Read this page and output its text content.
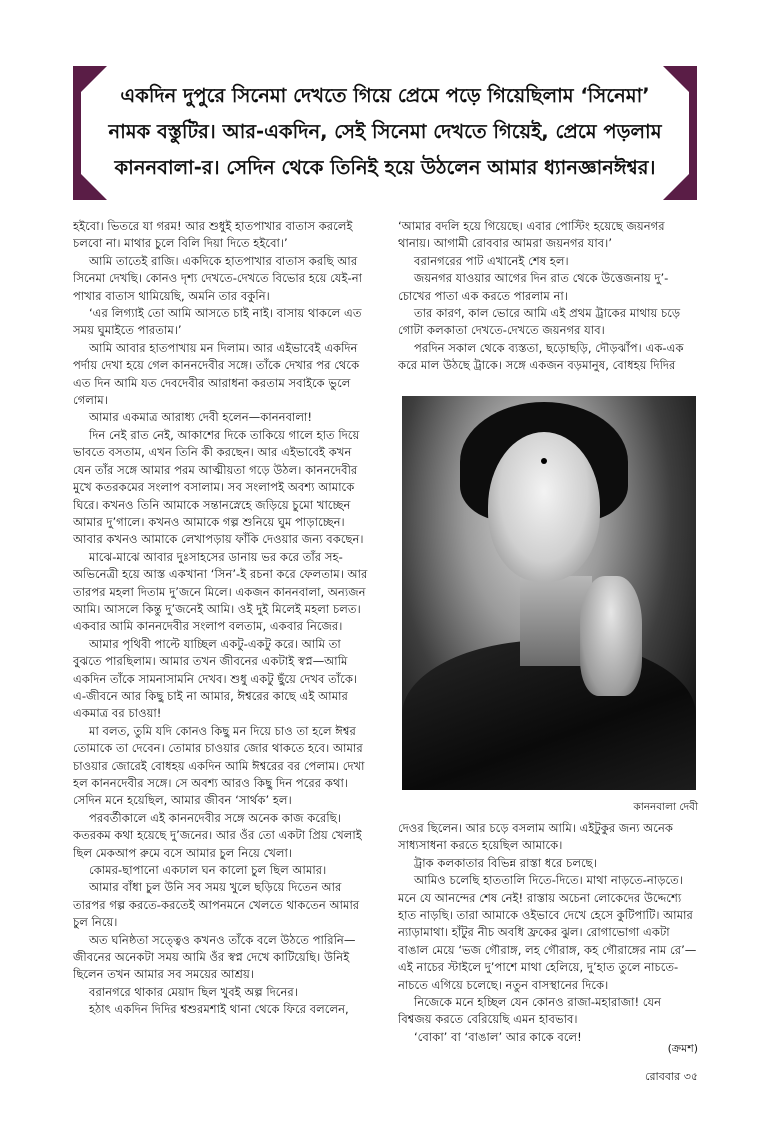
একদিন দুপুরে সিনেমা দেখতে গিয়ে প্রেমে পড়ে গিয়েছিলাম ‘সিনেমা’
নামক বস্তুটির। আর-একদিন, সেই সিনেমা দেখতে গিয়েই, প্রেমে পড়লাম
কাননবালা-র। সেদিন থেকে তিনিই হয়ে উঠলেন আমার ধ্যানজ্ঞানঈশ্বর।

হইবো। ভিতরে যা গরম! আর শুধুই হাতপাখার বাতাস করলেই চলবো না। মাথার চুলে বিলি দিয়া দিতে হইবো।’

আমি তাতেই রাজি। একদিকে হাতপাখার বাতাস করছি আর সিনেমা দেখছি। কোনও দৃশ্য দেখতে-দেখতে বিভোর হয়ে যেই-না পাখার বাতাস থামিয়েছি, অমনি তার বকুনি।

‘এর লিগ্যাই তো আমি আসতে চাই নাই। বাসায় থাকলে এত সময় ঘুমাইতে পারতাম।’

আমি আবার হাতপাখায় মন দিলাম। আর এইভাবেই একদিন পর্দায় দেখা হয়ে গেল কাননদেবীর সঙ্গে। তাঁকে দেখার পর থেকে এত দিন আমি যত দেবদেবীর আরাধনা করতাম সবাইকে ভুলে গেলাম।

আমার একমাত্র আরাধ্য দেবী হলেন—কাননবালা!

দিন নেই রাত নেই, আকাশের দিকে তাকিয়ে গালে হাত দিয়ে ভাবতে বসতাম, এখন তিনি কী করছেন। আর এইভাবেই কখন যেন তাঁর সঙ্গে আমার পরম আত্মীয়তা গড়ে উঠল। কাননদেবীর মুখে কতরকমের সংলাপ বসালাম। সব সংলাপই অবশ্য আমাকে ঘিরে। কখনও তিনি আমাকে সন্তানস্নেহে জড়িয়ে চুমো খাচ্ছেন আমার দু’গালে। কখনও আমাকে গল্প শুনিয়ে ঘুম পাড়াচ্ছেন। আবার কখনও আমাকে লেখাপড়ায় ফাঁকি দেওয়ার জন্য বকছেন।

মাঝে-মাঝে আবার দুঃসাহসের ডানায় ভর করে তাঁর সহ-অভিনেত্রী হয়ে আস্ত একখানা ‘সিন’-ই রচনা করে ফেলতাম। আর তারপর মহলা দিতাম দু’জনে মিলে। একজন কাননবালা, অন্যজন আমি। আসলে কিন্তু দু’জনেই আমি। ওই দুই মিলেই মহলা চলত। একবার আমি কাননদেবীর সংলাপ বলতাম, একবার নিজের।

আমার পৃথিবী পাল্টে যাচ্ছিল একটু-একটু করে। আমি তা বুঝতে পারছিলাম। আমার তখন জীবনের একটাই স্বপ্ন—আমি একদিন তাঁকে সামনাসামনি দেখব। শুধু একটু ছুঁয়ে দেখব তাঁকে। এ-জীবনে আর কিছু চাই না আমার, ঈশ্বরের কাছে এই আমার একমাত্র বর চাওয়া!

মা বলত, তুমি যদি কোনও কিছু মন দিয়ে চাও তা হলে ঈশ্বর তোমাকে তা দেবেন। তোমার চাওয়ার জোর থাকতে হবে। আমার চাওয়ার জোরেই বোধহয় একদিন আমি ঈশ্বরের বর পেলাম। দেখা হল কাননদেবীর সঙ্গে। সে অবশ্য আরও কিছু দিন পরের কথা। সেদিন মনে হয়েছিল, আমার জীবন ‘সার্থক’ হল।

পরবর্তীকালে এই কাননদেবীর সঙ্গে অনেক কাজ করেছি। কতরকম কথা হয়েছে দু’জনের। আর ওঁর তো একটা প্রিয় খেলাই ছিল মেকআপ রুমে বসে আমার চুল নিয়ে খেলা।

কোমর-ছাপানো একঢাল ঘন কালো চুল ছিল আমার।

আমার বাঁধা চুল উনি সব সময় খুলে ছড়িয়ে দিতেন আর তারপর গল্প করতে-করতেই আপনমনে খেলতে থাকতেন আমার চুল নিয়ে।

অত ঘনিষ্ঠতা সত্ত্বেও কখনও তাঁকে বলে উঠতে পারিনি—জীবনের অনেকটা সময় আমি ওঁর স্বপ্ন দেখে কাটিয়েছি। উনিই ছিলেন তখন আমার সব সময়ের আশ্রয়।

বরানগরে থাকার মেয়াদ ছিল খুবই অল্প দিনের।

হঠাৎ একদিন দিদির শ্বশুরমশাই থানা থেকে ফিরে বললেন,

‘আমার বদলি হয়ে গিয়েছে। এবার পোস্টিং হয়েছে জয়নগর থানায়। আগামী রোববার আমরা জয়নগর যাব।’

বরানগরের পাট এখানেই শেষ হল।

জয়নগর যাওয়ার আগের দিন রাত থেকে উত্তেজনায় দু’-চোখের পাতা এক করতে পারলাম না।

তার কারণ, কাল ভোরে আমি এই প্রথম ট্রাকের মাথায় চড়ে গোটা কলকাতা দেখতে-দেখতে জয়নগর যাব।

পরদিন সকাল থেকে ব্যস্ততা, ছড়োছড়ি, দৌড়ঝাঁপ। এক-এক করে মাল উঠছে ট্রাকে। সঙ্গে একজন বড়মানুষ, বোধহয় দিদির

কাননবালা দেবী

দেওর ছিলেন। আর চড়ে বসলাম আমি। এইটুকুর জন্য অনেক সাধ্যসাধনা করতে হয়েছিল আমাকে।

ট্রাক কলকাতার বিভিন্ন রাস্তা ধরে চলছে।

আমিও চলেছি হাততালি দিতে-দিতে। মাথা নাড়তে-নাড়তে। মনে যে আনন্দের শেষ নেই! রাস্তায় অচেনা লোকেদের উদ্দেশ্যে হাত নাড়ছি। তারা আমাকে ওইভাবে দেখে হেসে কুটিপাটি। আমার ন্যাড়ামাথা। হাঁটুর নীচ অবধি ফ্রকের ঝুল। রোগাভোগা একটা বাঙাল মেয়ে ‘ভজ গৌরাঙ্গ, লহ গৌরাঙ্গ, কহ গৌরাঙ্গের নাম রে’—এই নাচের স্টাইলে দু’পাশে মাথা হেলিয়ে, দু’হাত তুলে নাচতে-নাচতে এগিয়ে চলেছে। নতুন বাসস্থানের দিকে।

নিজেকে মনে হচ্ছিল যেন কোনও রাজা-মহারাজা! যেন বিশ্বজয় করতে বেরিয়েছি এমন হাবভাব।

‘বোকা’ বা ‘বাঙাল’ আর কাকে বলে!

(ক্রমশ)
রোববার ৩৫
